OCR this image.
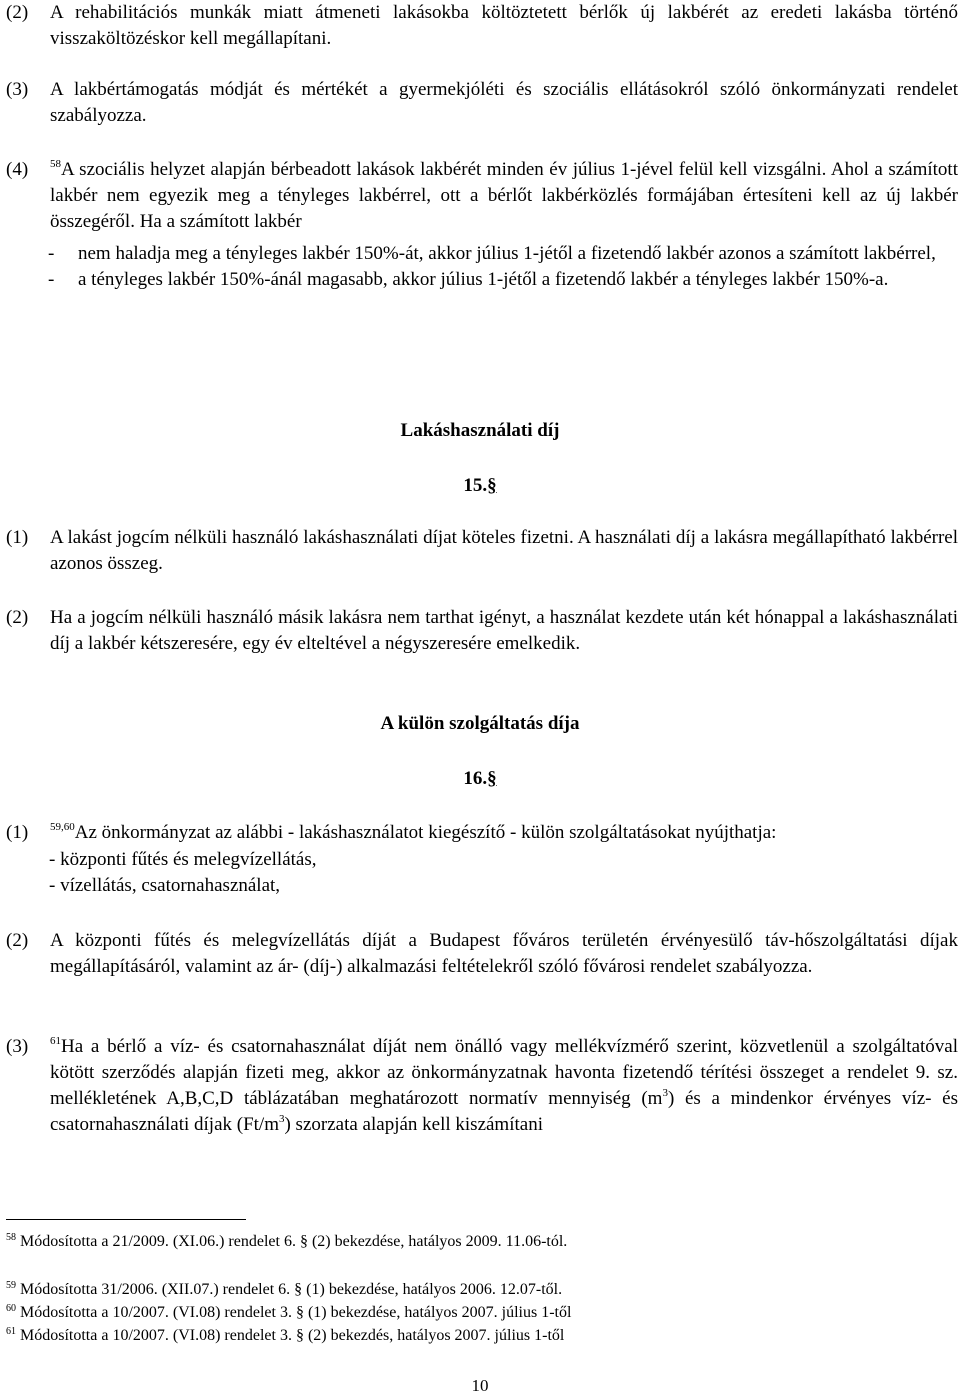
(2) A rehabilitációs munkák miatt átmeneti lakásokba költöztetett bérlők új lakbérét az eredeti lakásba történő visszaköltözéskor kell megállapítani.
(3) A lakbértámogatás módját és mértékét a gyermekjóléti és szociális ellátásokról szóló önkormányzati rendelet szabályozza.
(4) $^{58}$A szociális helyzet alapján bérbeadott lakások lakbérét minden év július 1-jével felül kell vizsgálni. Ahol a számított lakbér nem egyezik meg a tényleges lakbérrel, ott a bérlőt lakbérközlés formájában értesíteni kell az új lakbér összegéről. Ha a számított lakbér
- nem haladja meg a tényleges lakbér 150%-át, akkor július 1-jétől a fizetendő lakbér azonos a számított lakbérrel,
- a tényleges lakbér 150%-ánál magasabb, akkor július 1-jétől a fizetendő lakbér a tényleges lakbér 150%-a.
Lakáshasználati díj
15.§
(1) A lakást jogcím nélküli használó lakáshasználati díjat köteles fizetni. A használati díj a lakásra megállapítható lakbérrel azonos összeg.
(2) Ha a jogcím nélküli használó másik lakásra nem tarthat igényt, a használat kezdete után két hónappal a lakáshasználati díj a lakbér kétszeresére, egy év elteltével a négyszeresére emelkedik.
A külön szolgáltatás díja
16.§
(1) $^{59,60}$Az önkormányzat az alábbi - lakáshasználatot kiegészítő - külön szolgáltatásokat nyújthatja:
- központi fűtés és melegvízellátás,
- vízellátás, csatornahasználat,
(2) A központi fűtés és melegvízellátás díját a Budapest főváros területén érvényesülő táv-hőszolgáltatási díjak megállapításáról, valamint az ár- (díj-) alkalmazási feltételekről szóló fővárosi rendelet szabályozza.
(3) $^{61}$Ha a bérlő a víz- és csatornahasználat díját nem önálló vagy mellékvízmérő szerint, közvetlenül a szolgáltatóval kötött szerződés alapján fizeti meg, akkor az önkormányzatnak havonta fizetendő térítési összeget a rendelet 9. sz. mellékletének A,B,C,D táblázatában meghatározott normatív mennyiség $(m^3)$ és a mindenkor érvényes víz- és csatornahasználati díjak $(Ft/m^3)$ szorzata alapján kell kiszámítani
$^{58}$ Módosította a 21/2009. (XI.06.) rendelet 6. § (2) bekezdése, hatályos 2009. 11.06-tól.
$^{59}$ Módosította 31/2006. (XII.07.) rendelet 6. § (1) bekezdése, hatályos 2006. 12.07-től.
$^{60}$ Módosította a 10/2007. (VI.08) rendelet 3. § (1) bekezdése, hatályos 2007. július 1-től
$^{61}$ Módosította a 10/2007. (VI.08) rendelet 3. § (2) bekezdés, hatályos 2007. július 1-től
10
